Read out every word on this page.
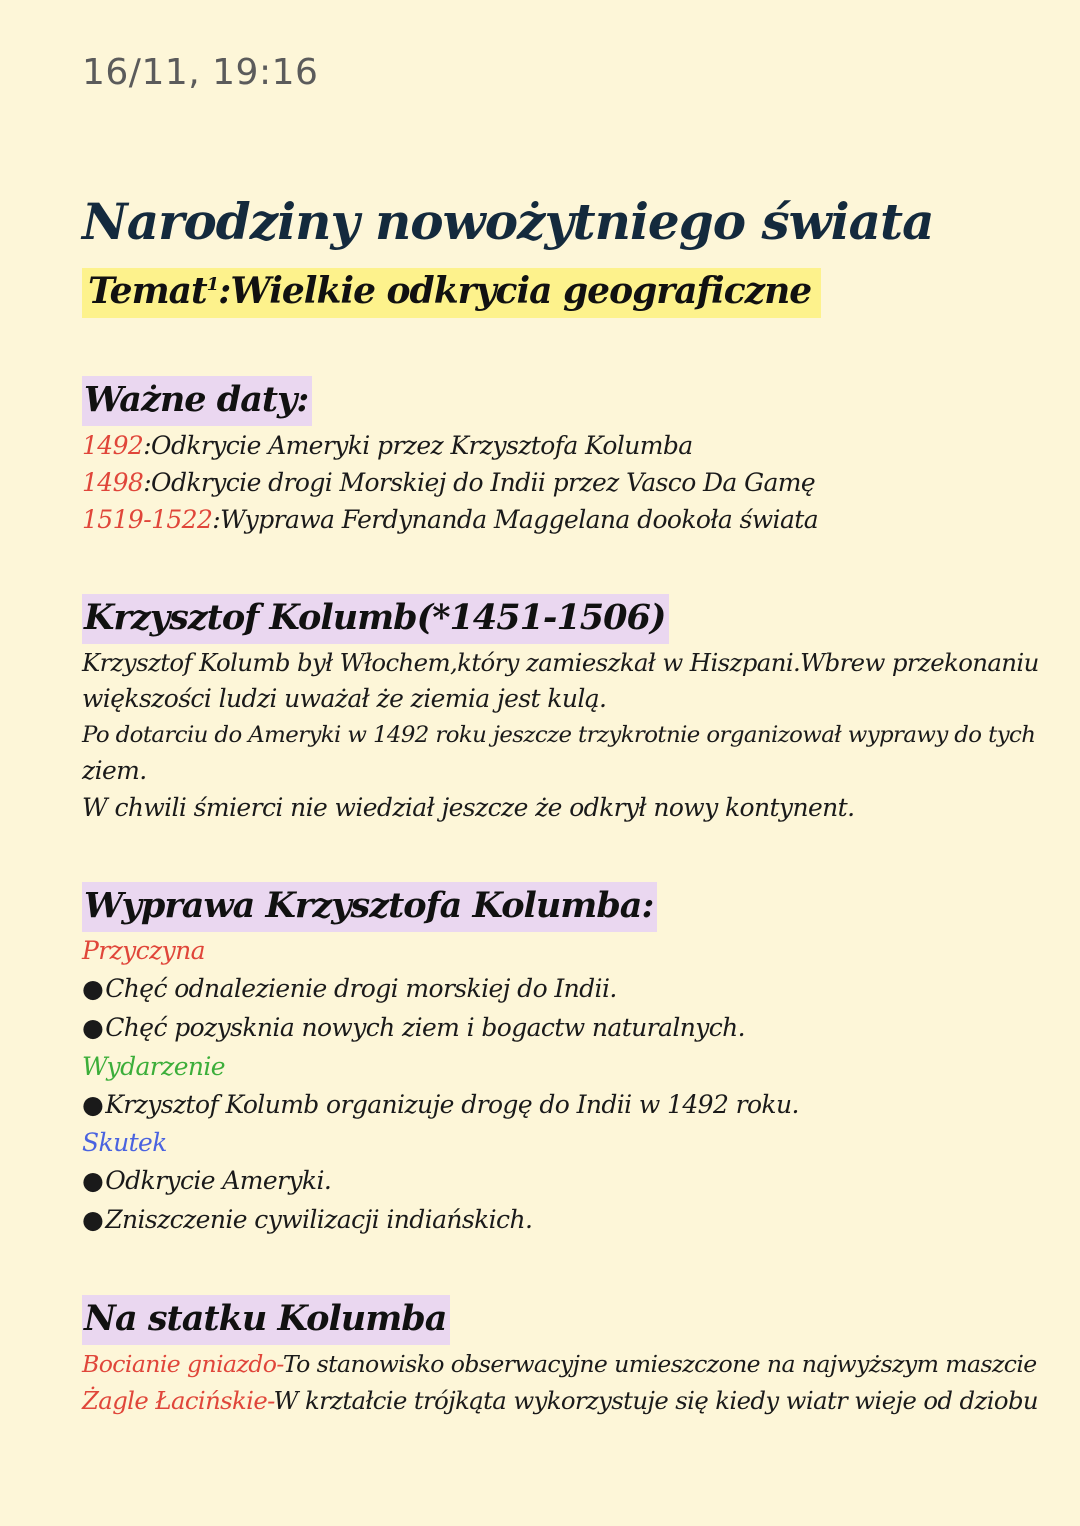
16/11, 19:16
Narodziny nowożytniego świata
Temat$^1$:Wielkie odkrycia geograficzne
Ważne daty:
1492:Odkrycie Ameryki przez Krzysztofa Kolumba
1498:Odkrycie drogi Morskiej do Indii przez Vasco Da Gamę
1519-1522:Wyprawa Ferdynanda Maggelana dookoła świata
Krzysztof Kolumb(*1451-1506)
Krzysztof Kolumb był Włochem,który zamieszkał w Hiszpani.Wbrew przekonaniu
większości ludzi uważał że ziemia jest kulą.
Po dotarciu do Ameryki w 1492 roku jeszcze trzykrotnie organizował wyprawy do tych
ziem.
W chwili śmierci nie wiedział jeszcze że odkrył nowy kontynent.
Wyprawa Krzysztofa Kolumba:
Przyczyna
●Chęć odnalezienie drogi morskiej do Indii.
●Chęć pozysknia nowych ziem i bogactw naturalnych.
Wydarzenie
●Krzysztof Kolumb organizuje drogę do Indii w 1492 roku.
Skutek
●Odkrycie Ameryki.
●Zniszczenie cywilizacji indiańskich.
Na statku Kolumba
Bocianie gniazdo-To stanowisko obserwacyjne umieszczone na najwyższym maszcie
Żagle Łacińskie-W krztałcie trójkąta wykorzystuje się kiedy wiatr wieje od dziobu
